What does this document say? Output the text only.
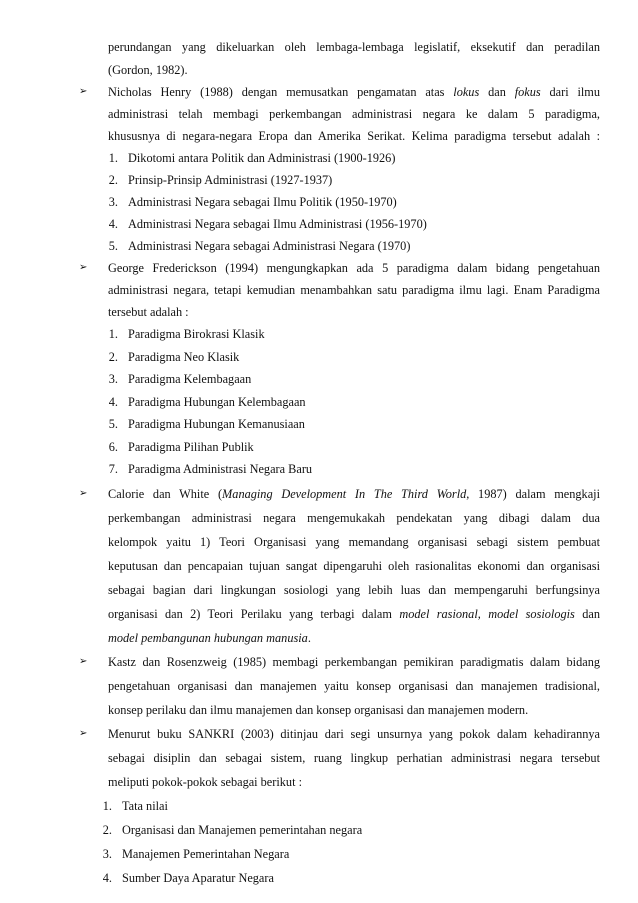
perundangan yang dikeluarkan oleh lembaga-lembaga legislatif, eksekutif dan peradilan
(Gordon, 1982).
➢	Nicholas Henry (1988) dengan memusatkan pengamatan atas lokus dan fokus dari ilmu
administrasi telah membagi perkembangan administrasi negara ke dalam 5 paradigma,
khususnya di negara-negara Eropa dan Amerika Serikat. Kelima paradigma tersebut adalah :
1. Dikotomi antara Politik dan Administrasi (1900-1926)
2. Prinsip-Prinsip Administrasi (1927-1937)
3. Administrasi Negara sebagai Ilmu Politik (1950-1970)
4. Administrasi Negara sebagai Ilmu Administrasi (1956-1970)
5. Administrasi Negara sebagai Administrasi Negara (1970)
➢	George Frederickson (1994) mengungkapkan ada 5 paradigma dalam bidang pengetahuan
administrasi negara, tetapi kemudian menambahkan satu paradigma ilmu lagi. Enam Paradigma
tersebut adalah :
1. Paradigma Birokrasi Klasik
2. Paradigma Neo Klasik
3. Paradigma Kelembagaan
4. Paradigma Hubungan Kelembagaan
5. Paradigma Hubungan Kemanusiaan
6. Paradigma Pilihan Publik
7. Paradigma Administrasi Negara Baru
➢	Calorie dan White (Managing Development In The Third World, 1987) dalam mengkaji
perkembangan administrasi negara mengemukakah pendekatan yang dibagi dalam dua
kelompok yaitu 1) Teori Organisasi yang memandang organisasi sebagi sistem pembuat
keputusan dan pencapaian tujuan sangat dipengaruhi oleh rasionalitas ekonomi dan organisasi
sebagai bagian dari lingkungan sosiologi yang lebih luas dan mempengaruhi berfungsinya
organisasi dan 2) Teori Perilaku yang terbagi dalam model rasional, model sosiologis dan
model pembangunan hubungan manusia.
➢	Kastz dan Rosenzweig (1985) membagi perkembangan pemikiran paradigmatis dalam bidang
pengetahuan organisasi dan manajemen yaitu konsep organisasi dan manajemen tradisional,
konsep perilaku dan ilmu manajemen dan konsep organisasi dan manajemen modern.
➢	Menurut buku SANKRI (2003) ditinjau dari segi unsurnya yang pokok dalam kehadirannya
sebagai disiplin dan sebagai sistem, ruang lingkup perhatian administrasi negara tersebut
meliputi pokok-pokok sebagai berikut :
1. Tata nilai
2. Organisasi dan Manajemen pemerintahan negara
3. Manajemen Pemerintahan Negara
4. Sumber Daya Aparatur Negara
